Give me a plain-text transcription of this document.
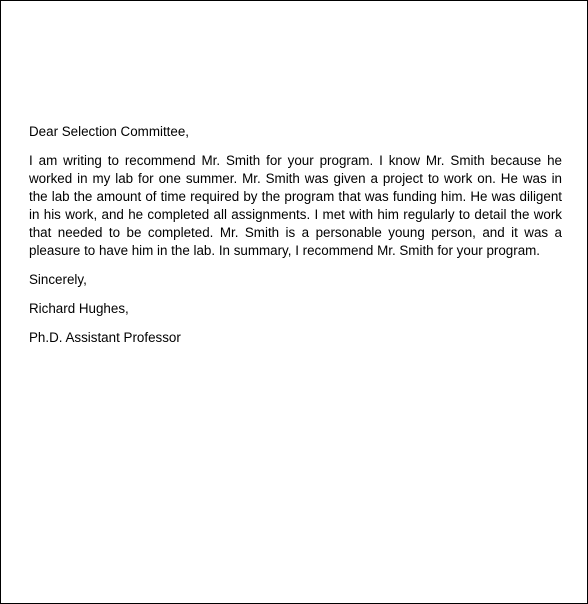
Dear Selection Committee,

I am writing to recommend Mr. Smith for your program. I know Mr. Smith because he worked in my lab for one summer. Mr. Smith was given a project to work on. He was in the lab the amount of time required by the program that was funding him. He was diligent in his work, and he completed all assignments. I met with him regularly to detail the work that needed to be completed. Mr. Smith is a personable young person, and it was a pleasure to have him in the lab. In summary, I recommend Mr. Smith for your program.

Sincerely,

Richard Hughes,

Ph.D. Assistant Professor
